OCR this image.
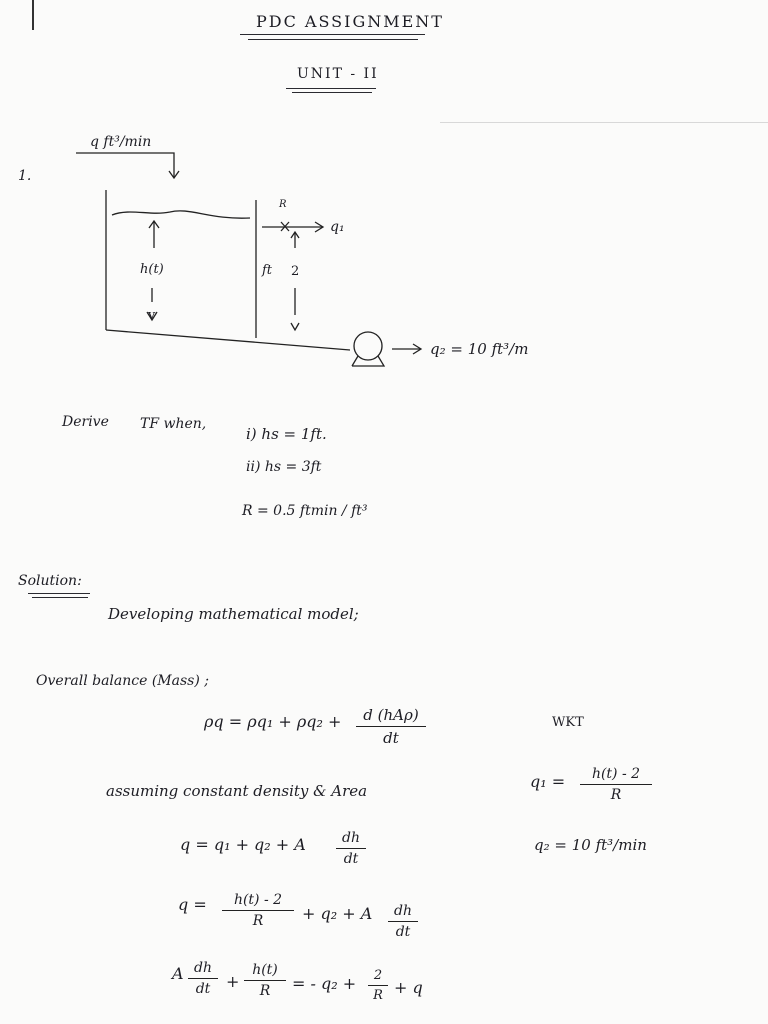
PDC ASSIGNMENT
UNIT - II
1.
q ft³/min
h(t)
v
R
q₁
ft 2
q₂ = 10 ft³/m
Derive TF when,
i) hs = 1ft.
ii) hs = 3ft
R = 0.5 ftmin / ft³
Solution:
Developing mathematical model;
Overall balance (Mass) ;
ρq = ρq₁ + ρq₂ +	d (hAρ)
dt
WKT
q₁ =	h(t) - 2
R
q₂ = 10 ft³/min
assuming constant density & Area
q = q₁ + q₂ + A	dh
dt
q =	h(t) - 2
R	+ q₂ + A	dh
dt
A dh
dt +
h(t)
R	= - q₂ +	2
R + q
